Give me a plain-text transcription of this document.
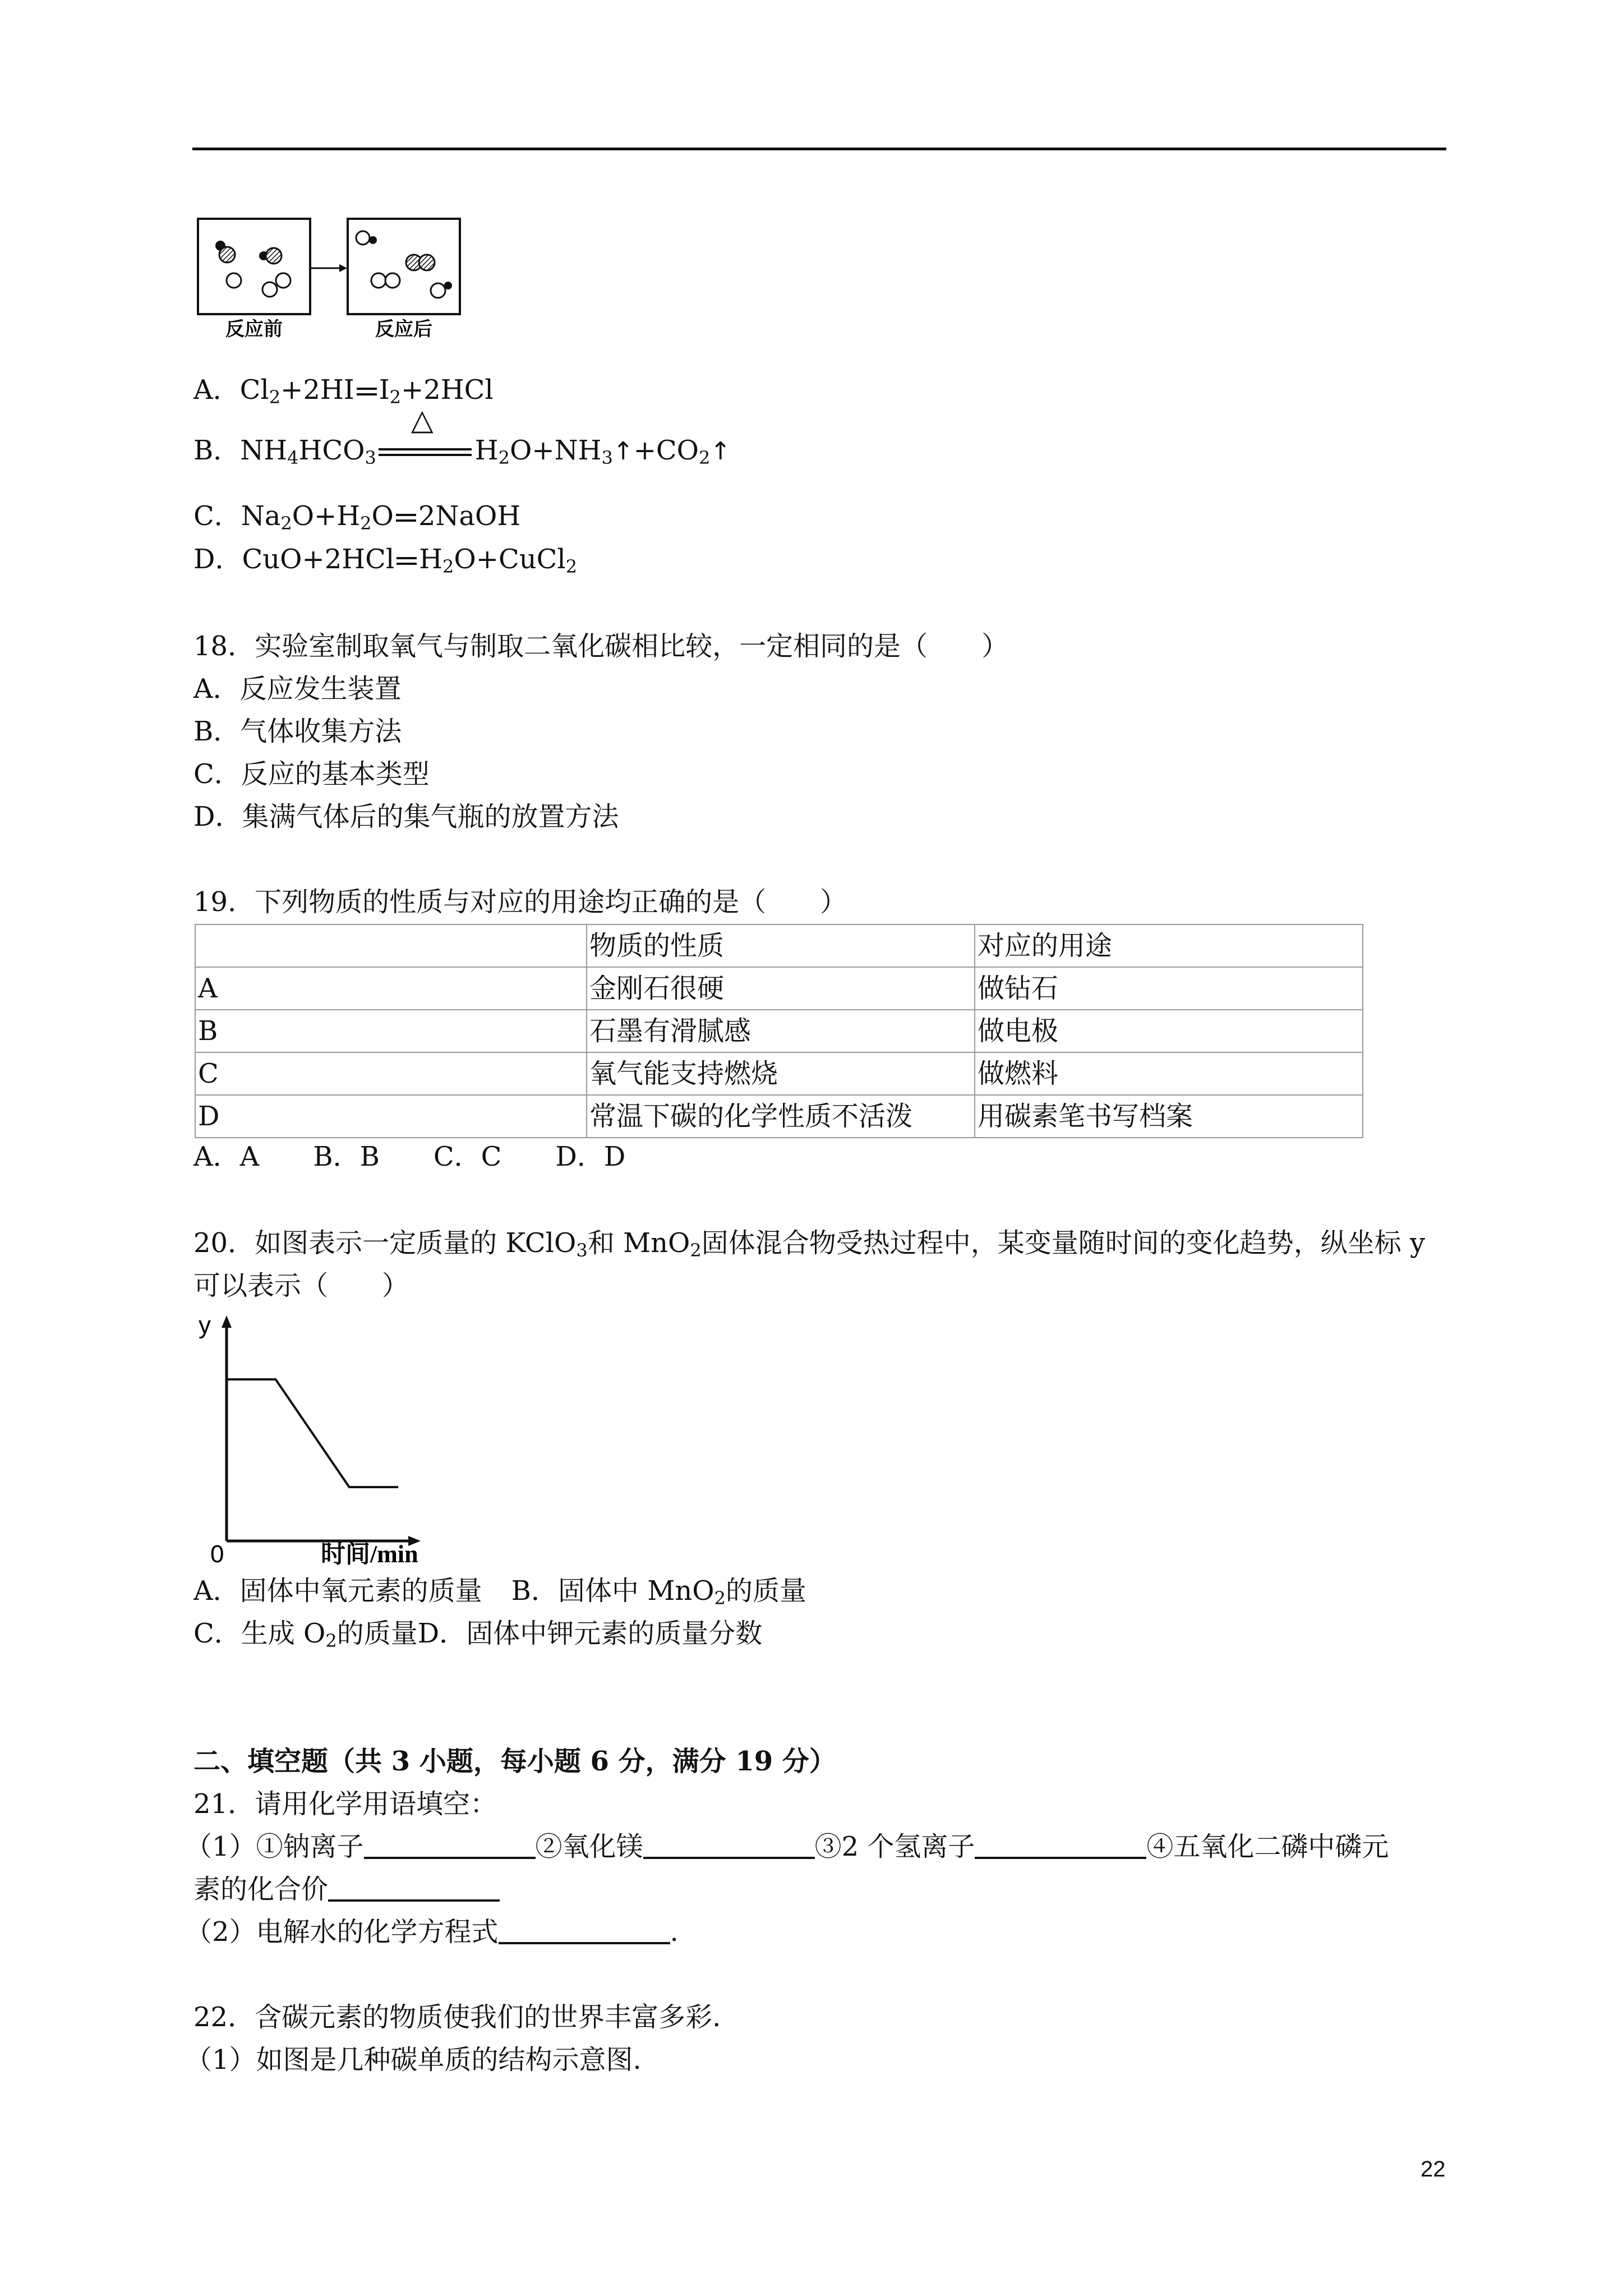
反应前	反应后
A．$Cl_2+2HI$ $I_2+2HCl$
B．$NH_4HCO_3$
△
$H_2O+NH_3↑+CO_2↑$
C．$Na_2O+H_2O$ 2NaOH
D．CuO+2HCl $H_2O+CuCl_2$
18．实验室制取氧气与制取二氧化碳相比较，一定相同的是（　　）
A．反应发生装置
B．气体收集方法
C．反应的基本类型
D．集满气体后的集气瓶的放置方法
19．下列物质的性质与对应的用途均正确的是（　　）
	物质的性质	对应的用途
A	金刚石很硬	做钻石
B	石墨有滑腻感	做电极
C	氧气能支持燃烧	做燃料
D	常温下碳的化学性质不活泼	用碳素笔书写档案
A．A　　B．B　　C．C　　D．D
20．如图表示一定质量的 KClO$_3$和 MnO$_2$固体混合物受热过程中，某变量随时间的变化趋势，纵坐标 y
可以表示（　　）
y
0	时间/min
A．固体中氧元素的质量 B．固体中 MnO$_2$的质量
C．生成 $O_2$的质量D．固体中钾元素的质量分数
二、填空题（共 3 小题，每小题 6 分，满分 19 分）
21．请用化学用语填空：
（1）①钠离子	②氧化镁	③2 个氢离子	④五氧化二磷中磷元
素的化合价
（2）电解水的化学方程式	.
22．含碳元素的物质使我们的世界丰富多彩.
（1）如图是几种碳单质的结构示意图.
22
